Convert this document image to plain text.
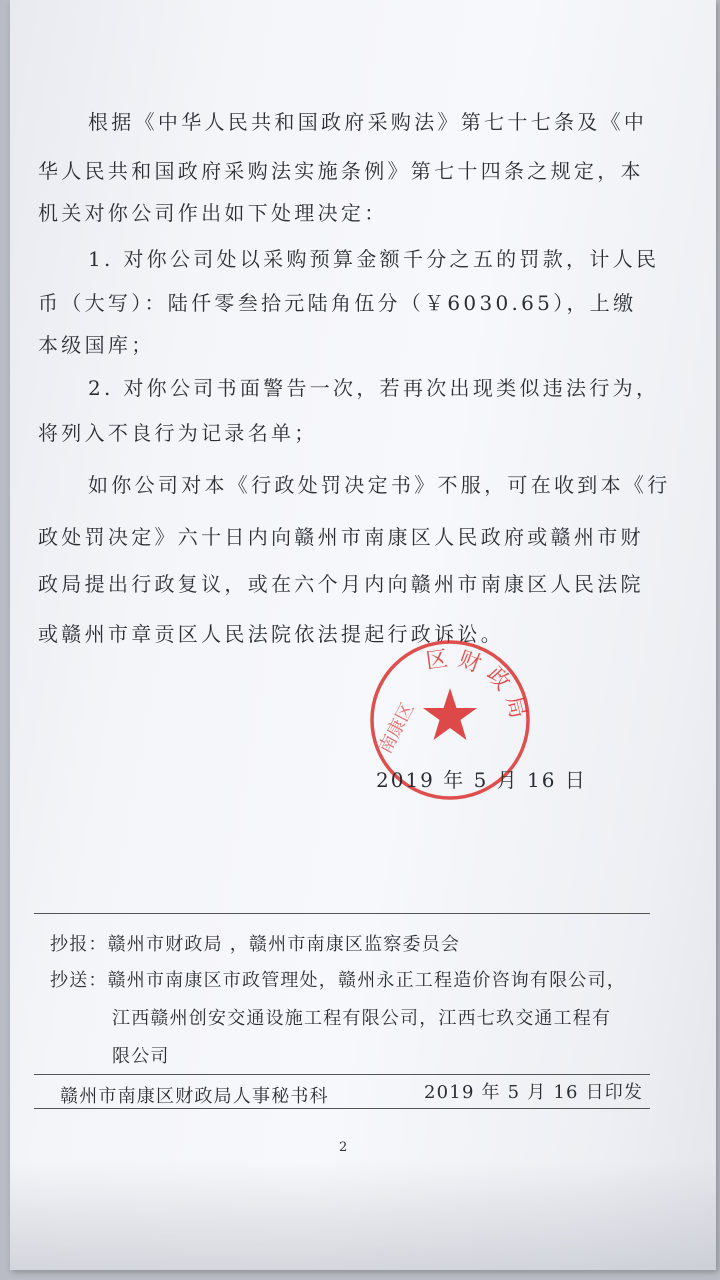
根据《中华人民共和国政府采购法》第七十七条及《中
华人民共和国政府采购法实施条例》第七十四条之规定，本
机关对你公司作出如下处理决定：
1. 对你公司处以采购预算金额千分之五的罚款，计人民
币（大写）：陆仟零叁拾元陆角伍分（￥6030.65），上缴
本级国库；
2. 对你公司书面警告一次，若再次出现类似违法行为，
将列入不良行为记录名单；
如你公司对本《行政处罚决定书》不服，可在收到本《行
政处罚决定》六十日内向赣州市南康区人民政府或赣州市财
政局提出行政复议，或在六个月内向赣州市南康区人民法院
或赣州市章贡区人民法院依法提起行政诉讼。
区财政局
南康区
2019 年 5 月 16 日
抄报：赣州市财政局 ，赣州市南康区监察委员会
抄送：赣州市南康区市政管理处，赣州永正工程造价咨询有限公司，
江西赣州创安交通设施工程有限公司，江西七玖交通工程有
限公司
赣州市南康区财政局人事秘书科	2019 年 5 月 16 日印发
2
